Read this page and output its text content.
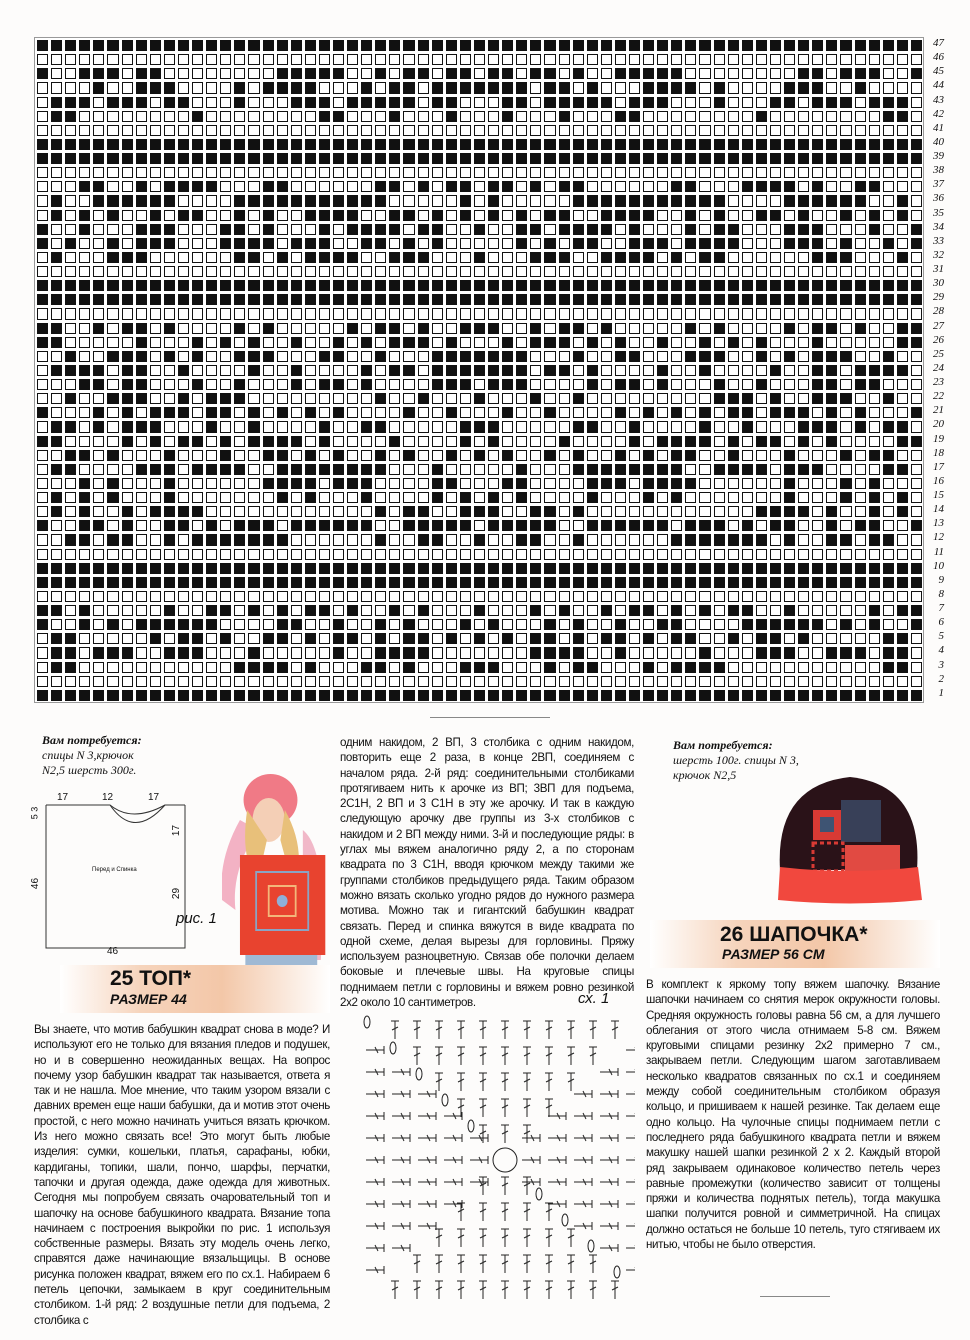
47
46
45
44
43
42
41
40
39
38
37
36
35
34
33
32
31
30
29
28
27
26
25
24
23
22
21
20
19
18
17
16
15
14
13
12
11
10
9
8
7
6
5
4
3
2
1
Вам потребуется:
спицы N 3,крючок
N2,5 шерсть 300г.
17	12	17
5 3
46
17
29
46
Перед и Спинка
рис. 1
25 ТОП*
РАЗМЕР 44
Вы знаете, что мотив бабушкин квадрат снова в моде? И используют его не только для вязания пледов и подушек, но и в совершенно неожиданных вещах. На вопрос почему узор бабушкин квадрат так называется, ответа я так и не нашла. Мое мнение, что таким узором вязали с давних времен еще наши бабушки, да и мотив этот очень простой, с него можно начинать учиться вязать крючком. Из него можно связать все! Это могут быть любые изделия: сумки, кошельки, платья, сарафаны, юбки, кардиганы, топики, шали, пончо, шарфы, перчатки, тапочки и другая одежда, даже одежда для животных. Сегодня мы попробуем связать очаровательный топ и шапочку на основе бабушкиного квадрата. Вязание топа начинаем с построения выкройки по рис. 1 используя собственные размеры. Вязать эту модель очень легко, справятся даже начинающие вязальщицы. В основе рисунка положен квадрат, вяжем его по сх.1. Набираем 6 петель цепочки, замыкаем в круг соединительным столбиком. 1-й ряд: 2 воздушные петли для подъема, 2 столбика с
одним накидом, 2 ВП, 3 столбика с одним накидом, повторить еще 2 раза, в конце 2ВП, соединяем с началом ряда. 2-й ряд: соединительными столбиками протягиваем нить к арочке из ВП; 3ВП для подъема, 2С1Н, 2 ВП и 3 С1Н в эту же арочку. И так в каждую следующую арочку две группы из 3-х столбиков с накидом и 2 ВП между ними. 3-й и последующие ряды: в углах мы вяжем аналогично ряду 2, а по сторонам квадрата по 3 С1Н, вводя крючком между такими же группами столбиков предыдущего ряда. Таким образом можно вязать сколько угодно рядов до нужного размера мотива. Можно так и гигантский бабушкин квадрат связать. Перед и спинка вяжутся в виде квадрата по одной схеме, делая вырезы для горловины. Пряжу используем разноцветную. Связав обе полочки делаем боковые и плечевые швы. На круговые спицы поднимаем петли с горловины и вяжем ровно резинкой 2х2 около 10 сантиметров.	сх. 1
Вам потребуется:
шерсть 100г. спицы N 3,
крючок N2,5
26 ШАПОЧКА*
РАЗМЕР 56 СМ
В комплект к яркому топу вяжем шапочку. Вязание шапочки начинаем со снятия мерок окружности головы. Средняя окружность головы равна 56 см, а для лучшего облегания от этого числа отнимаем 5-8 см. Вяжем круговыми спицами резинку 2х2 примерно 7 см., закрываем петли. Следующим шагом заготавливаем несколько квадратов связанных по сх.1 и соединяем между собой соединительным столбиком образуя кольцо, и пришиваем к нашей резинке. Так делаем еще одно кольцо. На чулочные спицы поднимаем петли с последнего ряда бабушкиного квадрата петли и вяжем макушку нашей шапки резинкой 2 х 2. Каждый второй ряд закрываем одинаковое количество петель через равные промежутки (количество зависит от толщены пряжи и количества поднятых петель), тогда макушка шапки получится ровной и симметричной. На спицах должно остаться не больше 10 петель, туго стягиваем их нитью, чтобы не было отверстия.
